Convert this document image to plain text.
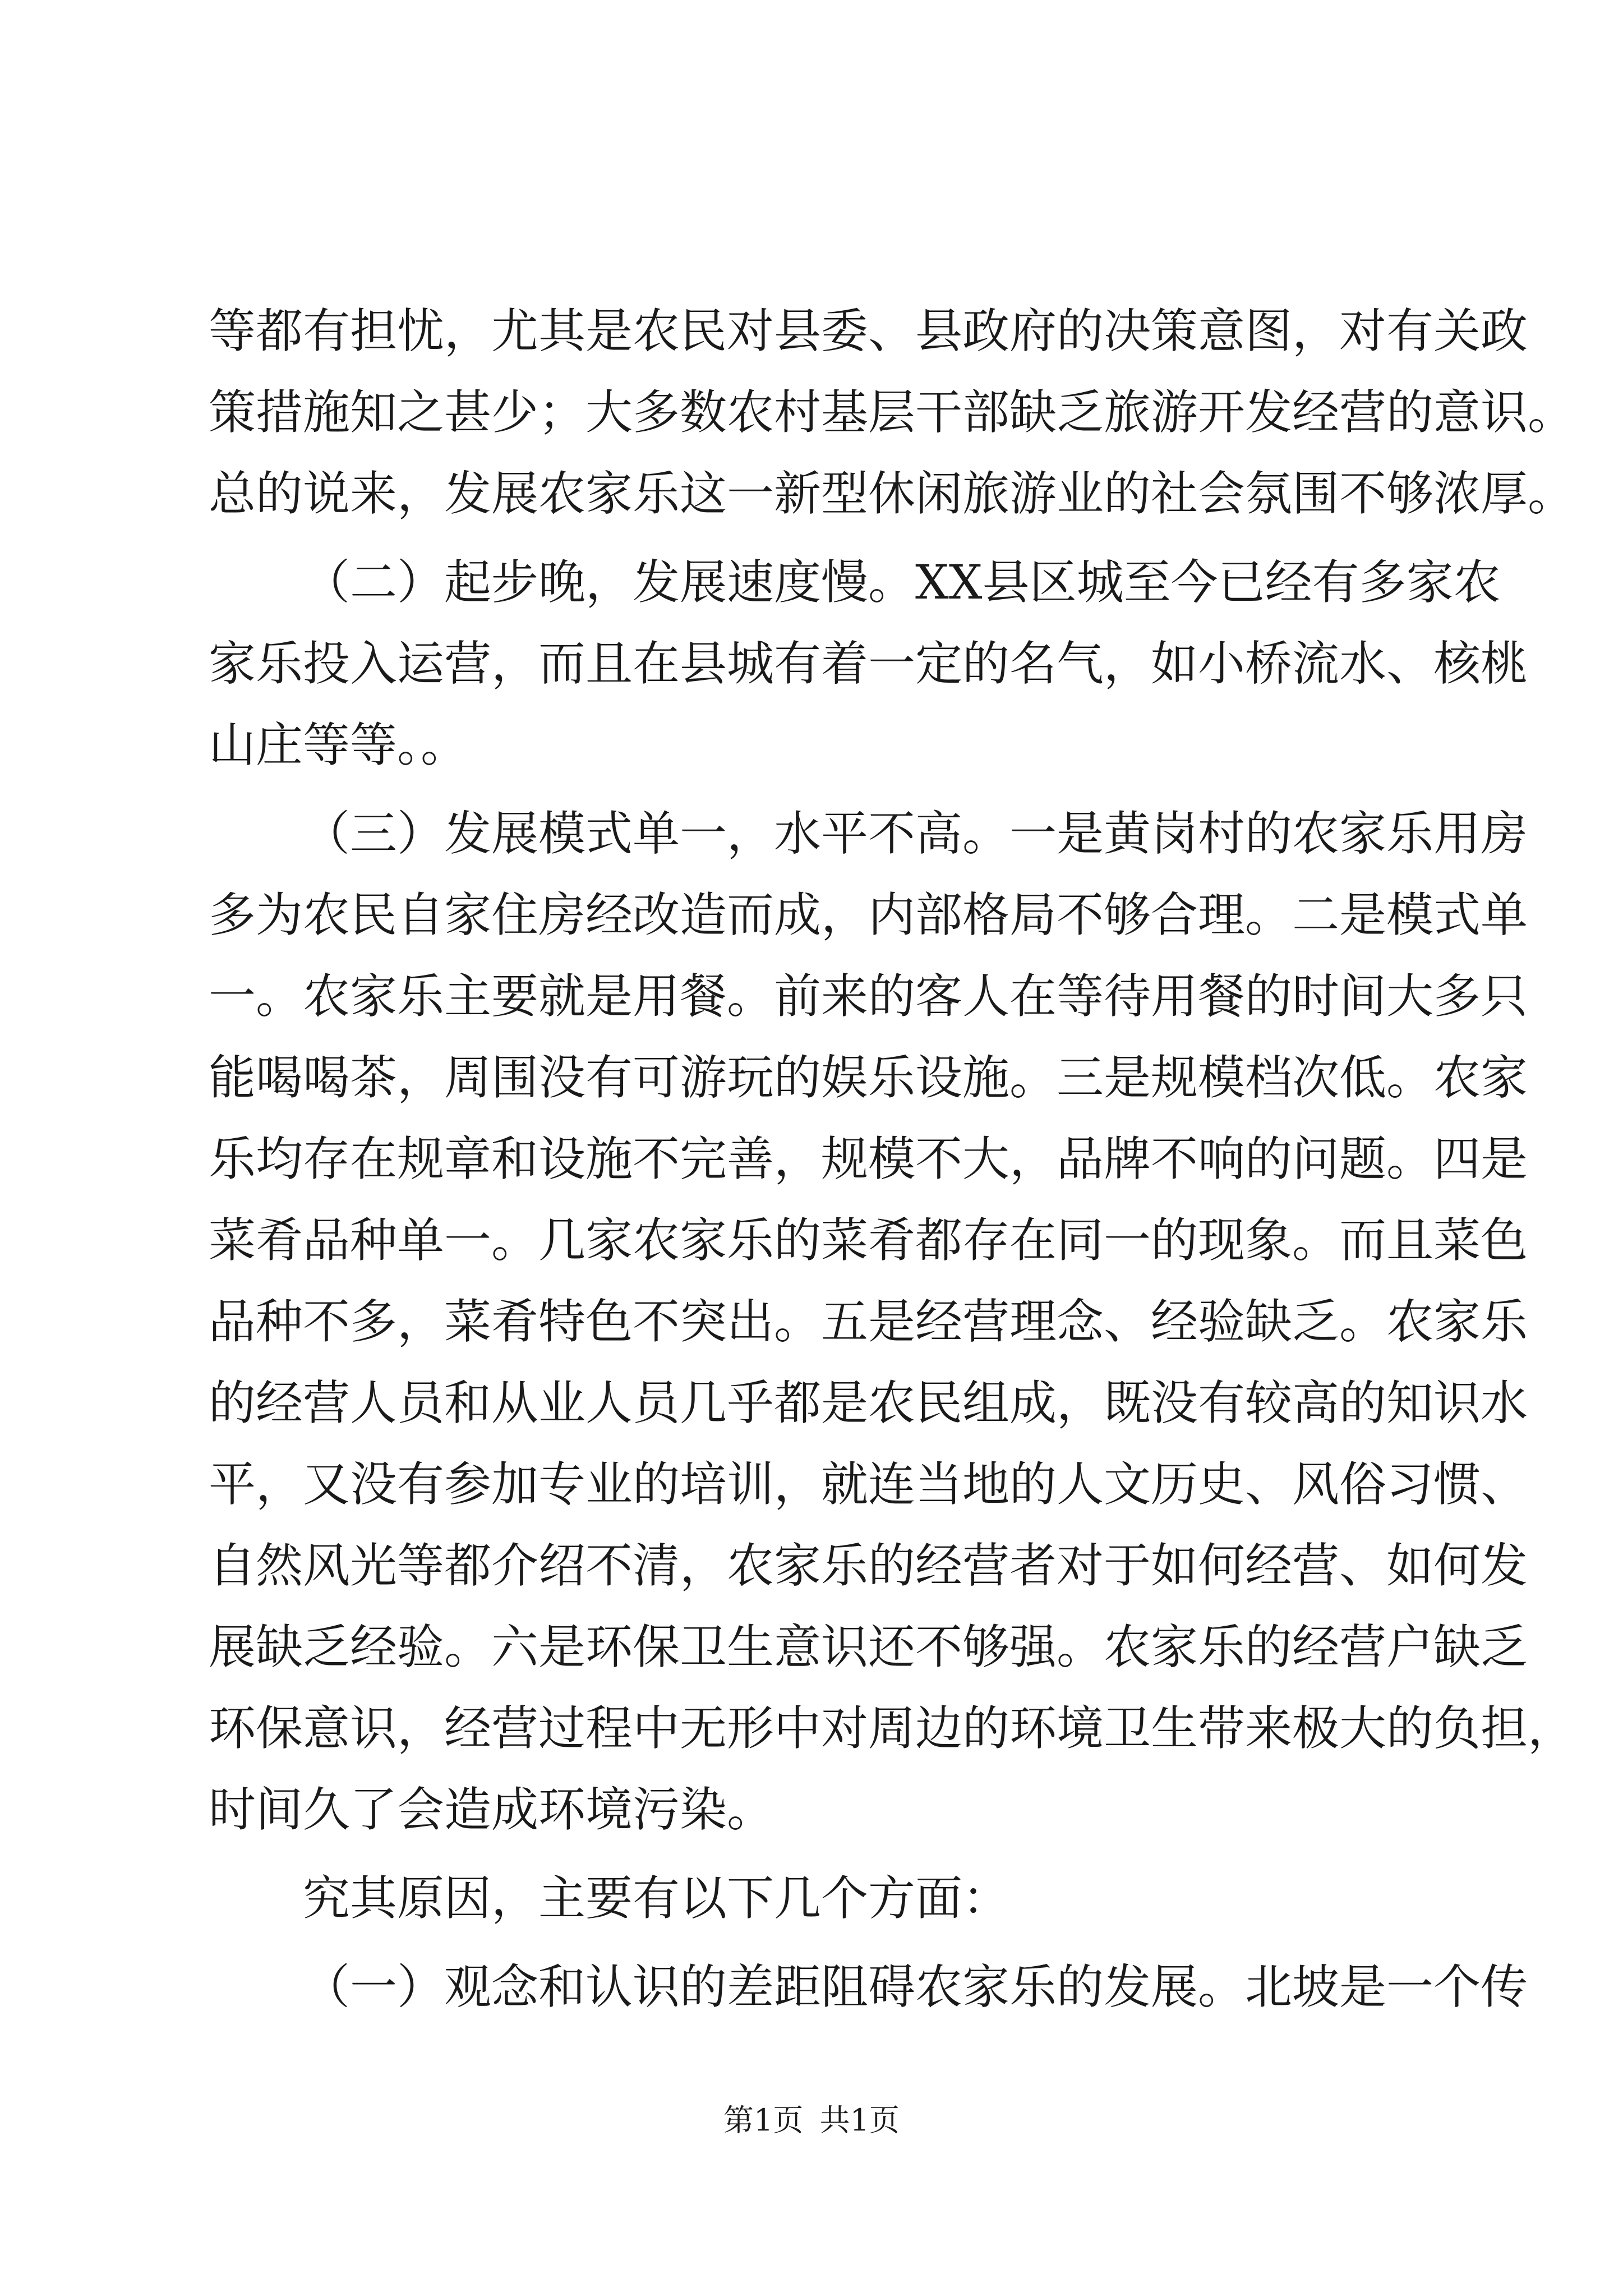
等都有担忧，尤其是农民对县委、县政府的决策意图，对有关政
策措施知之甚少；大多数农村基层干部缺乏旅游开发经营的意识。
总的说来，发展农家乐这一新型休闲旅游业的社会氛围不够浓厚。
（二）起步晚，发展速度慢。XX县区城至今已经有多家农
家乐投入运营，而且在县城有着一定的名气，如小桥流水、核桃
山庄等等。。
（三）发展模式单一，水平不高。一是黄岗村的农家乐用房
多为农民自家住房经改造而成，内部格局不够合理。二是模式单
一。农家乐主要就是用餐。前来的客人在等待用餐的时间大多只
能喝喝茶，周围没有可游玩的娱乐设施。三是规模档次低。农家
乐均存在规章和设施不完善，规模不大，品牌不响的问题。四是
菜肴品种单一。几家农家乐的菜肴都存在同一的现象。而且菜色
品种不多，菜肴特色不突出。五是经营理念、经验缺乏。农家乐
的经营人员和从业人员几乎都是农民组成，既没有较高的知识水
平，又没有参加专业的培训，就连当地的人文历史、风俗习惯、
自然风光等都介绍不清，农家乐的经营者对于如何经营、如何发
展缺乏经验。六是环保卫生意识还不够强。农家乐的经营户缺乏
环保意识，经营过程中无形中对周边的环境卫生带来极大的负担，
时间久了会造成环境污染。
究其原因，主要有以下几个方面：
（一）观念和认识的差距阻碍农家乐的发展。北坡是一个传
第1页 共1页
